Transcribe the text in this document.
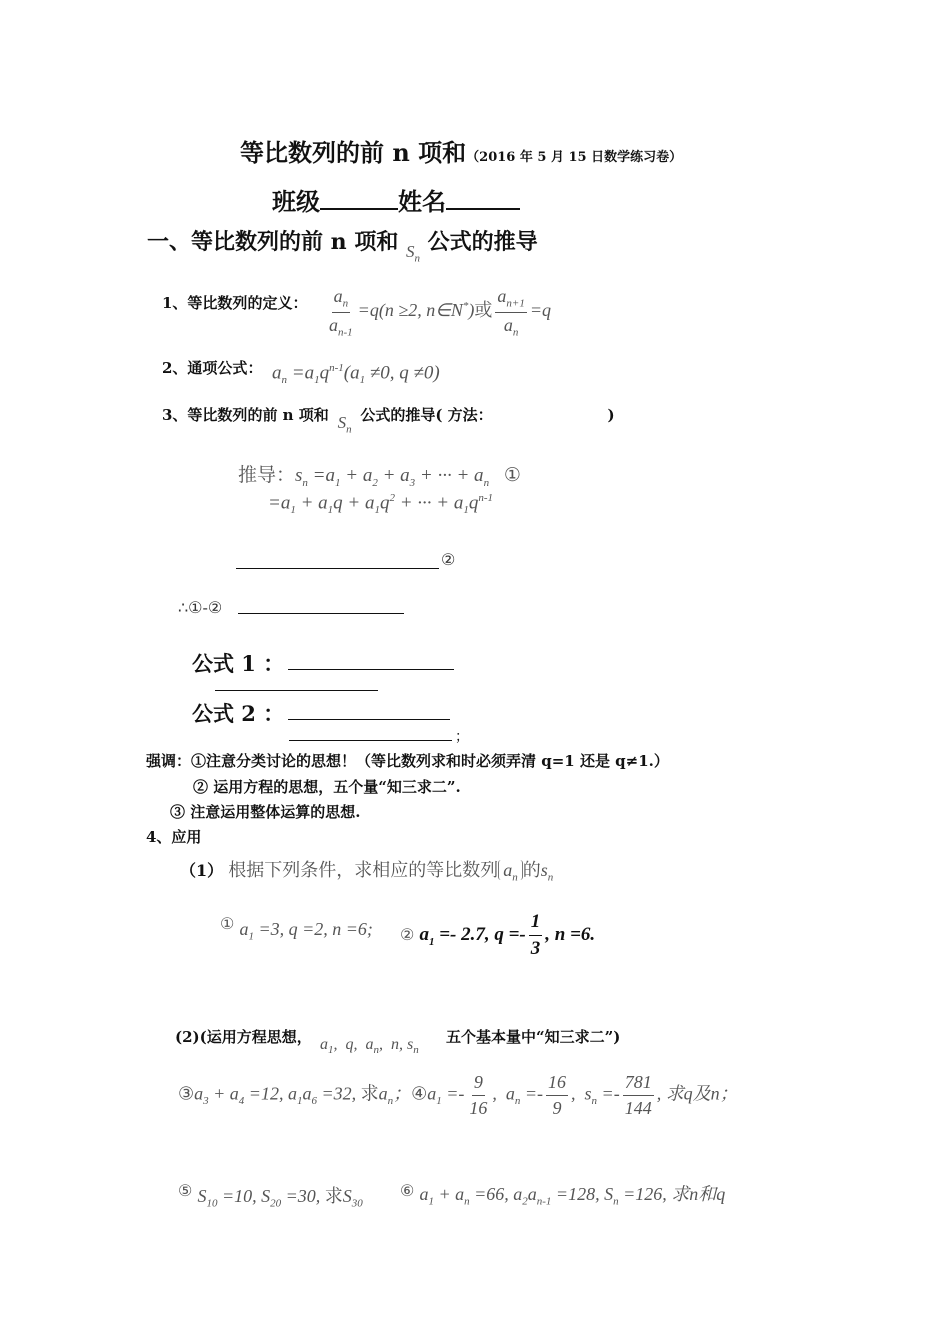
等比数列的前 n 项和（2016 年 5 月 15 日数学练习卷）
班级	姓名
一、等比数列的前 n 项和 $_{S_n}$ 公式的推导
1、等比数列的定义： $\frac{a_n}{a_{n-1}} =q(n \ge 2$, n∈N*)或 $\frac{a_{n+1}}{a_n} =q$
2、通项公式： $a_n =a_1q^{n-1}(a_1 \ne 0$, q ≠0)
3、等比数列的前 n 项和 $S_n$ 公式的推导( 方法：	)
推导：$s_n =a_1 + a_2 + a_3$ + ··· + $a_n$ ①
$=a_1 + a_1q + a_1q^2$ + ··· + $a_1q^{n-1}$
②
∴①-②
公式 1 ：
公式 2 ：
；
强调：①注意分类讨论的思想！（等比数列求和时必须弄清 q=1 还是 q≠1.）
② 运用方程的思想，五个量“知三求二”.
③ 注意运用整体运算的思想.
4、应用
（1） 根据下列条件，求相应的等比数列 $a_n$ 的$s_n$
① $a_1 =3$, q =2, n =6; ② $a_1 =- 2.7$, $q =- \frac{1}{3}$ , n =6.
(2)(运用方程思想， $a_1$,  q,  $a_n$,  n, $s_n$
五个基本量中“知三求二”)
$③a_3 + a_4 =12$, $a_1a_6 =32$, 求$a_n$；$④a_1 =- \frac{9}{16}$ ,  $a_n =- \frac{16}{9}$ ,  $s_n =- \frac{781}{144}$ , 求q及n；
⑤ $S_{10} =10$, $S_{20} =30$, 求$S_{30}$
⑥ $a_1 + a_n =66$, $a_2a_{n-1} =128$, $S_n =126$, 求n和q
